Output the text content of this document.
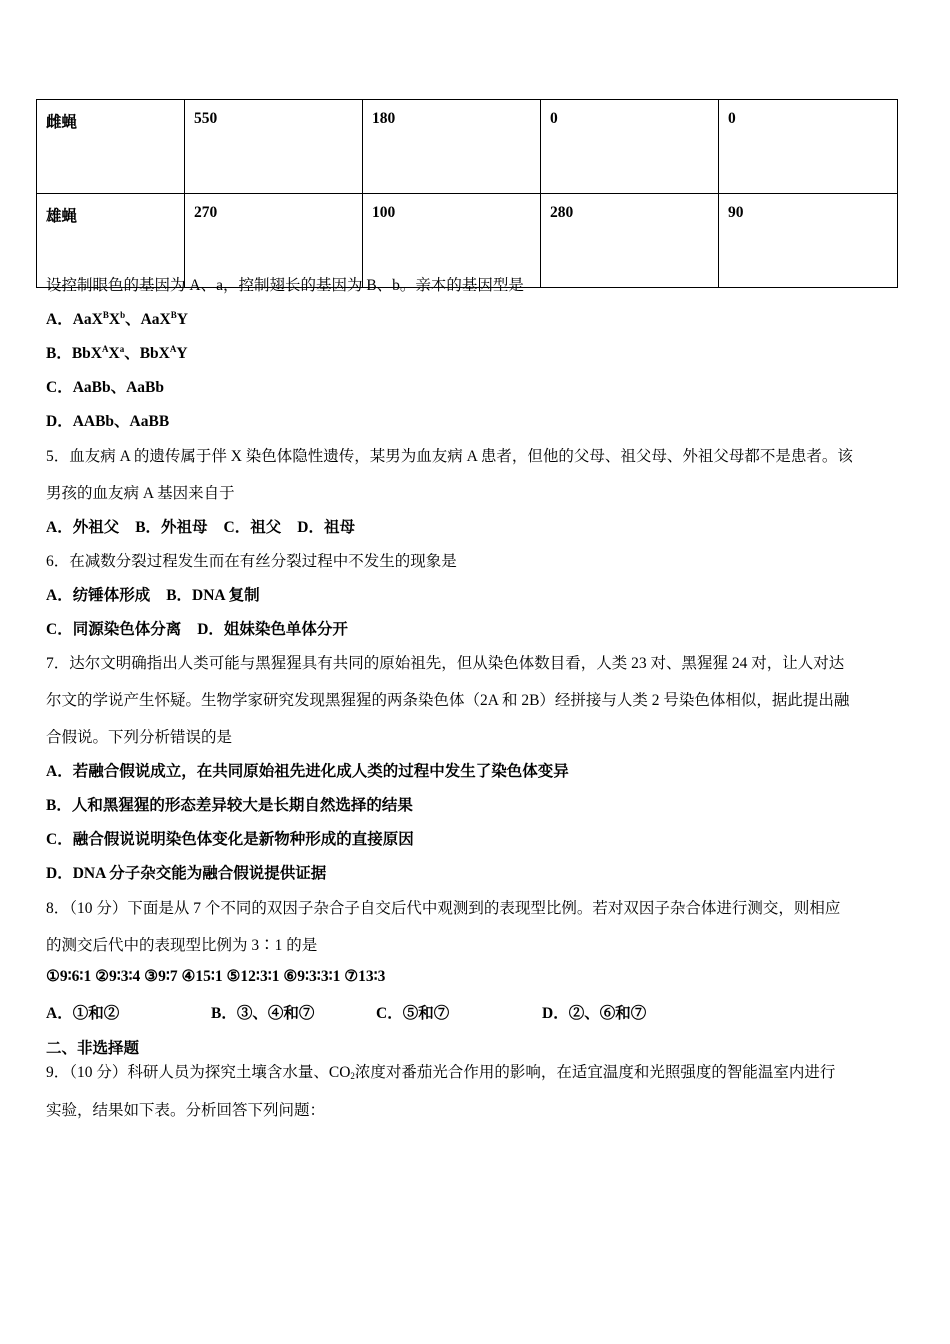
雌蝇	550	180	0	0
雄蝇	270	100	280	90
设控制眼色的基因为 A、a，控制翅长的基因为 B、b。亲本的基因型是
A．$AaX^BX^b$、AaX$^B$Y
B．$BbX^AX^a$、BbX$^A$Y
C．AaBb、AaBb
D．AABb、AaBB
5．血友病 A 的遗传属于伴 X 染色体隐性遗传，某男为血友病 A 患者，但他的父母、祖父母、外祖父母都不是患者。该
男孩的血友病 A 基因来自于
A．外祖父 B．外祖母 C．祖父 D．祖母
6．在减数分裂过程发生而在有丝分裂过程中不发生的现象是
A．纺锤体形成 B．DNA 复制
C．同源染色体分离 D．姐妹染色单体分开
7．达尔文明确指出人类可能与黑猩猩具有共同的原始祖先，但从染色体数目看，人类 23 对、黑猩猩 24 对，让人对达
尔文的学说产生怀疑。生物学家研究发现黑猩猩的两条染色体（2A 和 2B）经拼接与人类 2 号染色体相似，据此提出融
合假说。下列分析错误的是
A．若融合假说成立，在共同原始祖先进化成人类的过程中发生了染色体变异
B．人和黑猩猩的形态差异较大是长期自然选择的结果
C．融合假说说明染色体变化是新物种形成的直接原因
D．DNA 分子杂交能为融合假说提供证据
8．（10 分）下面是从 7 个不同的双因子杂合子自交后代中观测到的表现型比例。若对双因子杂合体进行测交，则相应
的测交后代中的表现型比例为 3∶1 的是
①9∶6∶1 ②9∶3∶4 ③9∶7 ④15∶1 ⑤12∶3∶1 ⑥9∶3∶3∶1 ⑦13∶3
A．①和②	B．③、④和⑦	C．⑤和⑦	D．②、⑥和⑦
二、非选择题
9．（10 分）科研人员为探究土壤含水量、$CO_2$浓度对番茄光合作用的影响，在适宜温度和光照强度的智能温室内进行
实验，结果如下表。分析回答下列问题：
